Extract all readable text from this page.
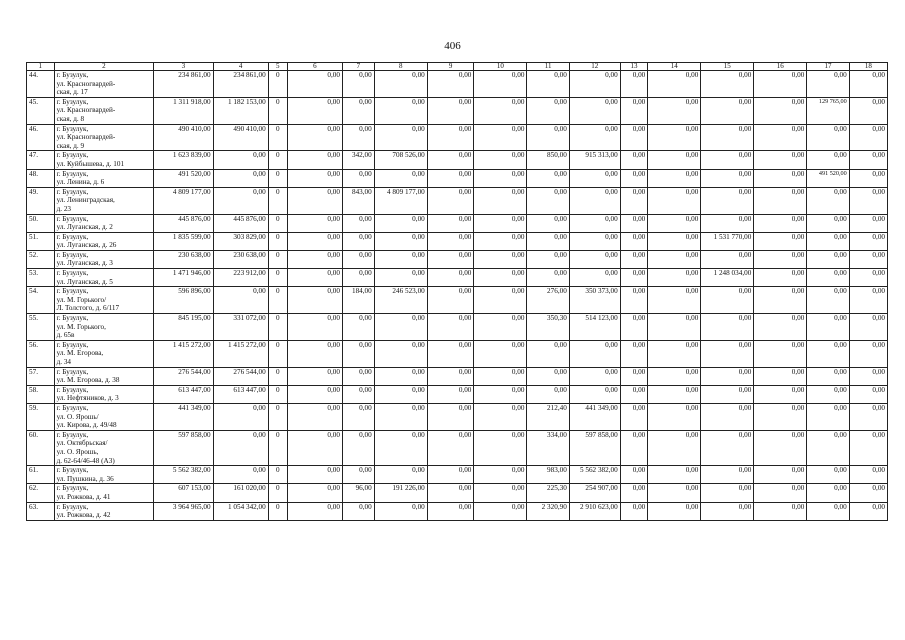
406
1	2	3	4	5	6	7	8	9	10	11	12	13	14	15	16	17	18
44.	г. Бузулук,
ул. Красногвардей-
ская, д. 17	234 861,00	234 861,00	0	0,00	0,00	0,00	0,00	0,00	0,00	0,00	0,00	0,00	0,00	0,00	0,00	0,00
45.	г. Бузулук,
ул. Красногвардей-
ская, д. 8	1 311 918,00	1 182 153,00	0	0,00	0,00	0,00	0,00	0,00	0,00	0,00	0,00	0,00	0,00	0,00	129 765,00	0,00
46.	г. Бузулук,
ул. Красногвардей-
ская, д. 9	490 410,00	490 410,00	0	0,00	0,00	0,00	0,00	0,00	0,00	0,00	0,00	0,00	0,00	0,00	0,00	0,00
47.	г. Бузулук,
ул. Куйбышева, д. 101	1 623 839,00	0,00	0	0,00	342,00	708 526,00	0,00	0,00	850,00	915 313,00	0,00	0,00	0,00	0,00	0,00	0,00
48.	г. Бузулук,
ул. Ленина, д. 6	491 520,00	0,00	0	0,00	0,00	0,00	0,00	0,00	0,00	0,00	0,00	0,00	0,00	0,00	491 520,00	0,00
49.	г. Бузулук,
ул. Ленинградская,
д. 23	4 809 177,00	0,00	0	0,00	843,00	4 809 177,00	0,00	0,00	0,00	0,00	0,00	0,00	0,00	0,00	0,00	0,00
50.	г. Бузулук,
ул. Луганская, д. 2	445 876,00	445 876,00	0	0,00	0,00	0,00	0,00	0,00	0,00	0,00	0,00	0,00	0,00	0,00	0,00	0,00
51.	г. Бузулук,
ул. Луганская, д. 26	1 835 599,00	303 829,00	0	0,00	0,00	0,00	0,00	0,00	0,00	0,00	0,00	0,00	1 531 770,00	0,00	0,00	0,00
52.	г. Бузулук,
ул. Луганская, д. 3	230 638,00	230 638,00	0	0,00	0,00	0,00	0,00	0,00	0,00	0,00	0,00	0,00	0,00	0,00	0,00	0,00
53.	г. Бузулук,
ул. Луганская, д. 5	1 471 946,00	223 912,00	0	0,00	0,00	0,00	0,00	0,00	0,00	0,00	0,00	0,00	1 248 034,00	0,00	0,00	0,00
54.	г. Бузулук,
ул. М. Горького/
Л. Толстого, д. 6/117	596 896,00	0,00	0	0,00	184,00	246 523,00	0,00	0,00	276,00	350 373,00	0,00	0,00	0,00	0,00	0,00	0,00
55.	г. Бузулук,
ул. М. Горького,
д. 65в	845 195,00	331 072,00	0	0,00	0,00	0,00	0,00	0,00	350,30	514 123,00	0,00	0,00	0,00	0,00	0,00	0,00
56.	г. Бузулук,
ул. М. Егорова,
д. 34	1 415 272,00	1 415 272,00	0	0,00	0,00	0,00	0,00	0,00	0,00	0,00	0,00	0,00	0,00	0,00	0,00	0,00
57.	г. Бузулук,
ул. М. Егорова, д. 38	276 544,00	276 544,00	0	0,00	0,00	0,00	0,00	0,00	0,00	0,00	0,00	0,00	0,00	0,00	0,00	0,00
58.	г. Бузулук,
ул. Нефтяников, д. 3	613 447,00	613 447,00	0	0,00	0,00	0,00	0,00	0,00	0,00	0,00	0,00	0,00	0,00	0,00	0,00	0,00
59.	г. Бузулук,
ул. О. Ярошь/
ул. Кирова, д. 49/48	441 349,00	0,00	0	0,00	0,00	0,00	0,00	0,00	212,40	441 349,00	0,00	0,00	0,00	0,00	0,00	0,00
60.	г. Бузулук,
ул. Октябрьская/
ул. О. Ярошь,
д. 62-64/46-48 (А3)	597 858,00	0,00	0	0,00	0,00	0,00	0,00	0,00	334,00	597 858,00	0,00	0,00	0,00	0,00	0,00	0,00
61.	г. Бузулук,
ул. Пушкина, д. 36	5 562 382,00	0,00	0	0,00	0,00	0,00	0,00	0,00	983,00	5 562 382,00	0,00	0,00	0,00	0,00	0,00	0,00
62.	г. Бузулук,
ул. Рожкова, д. 41	607 153,00	161 020,00	0	0,00	96,00	191 226,00	0,00	0,00	225,30	254 907,00	0,00	0,00	0,00	0,00	0,00	0,00
63.	г. Бузулук,
ул. Рожкова, д. 42	3 964 965,00	1 054 342,00	0	0,00	0,00	0,00	0,00	0,00	2 320,90	2 910 623,00	0,00	0,00	0,00	0,00	0,00	0,00
